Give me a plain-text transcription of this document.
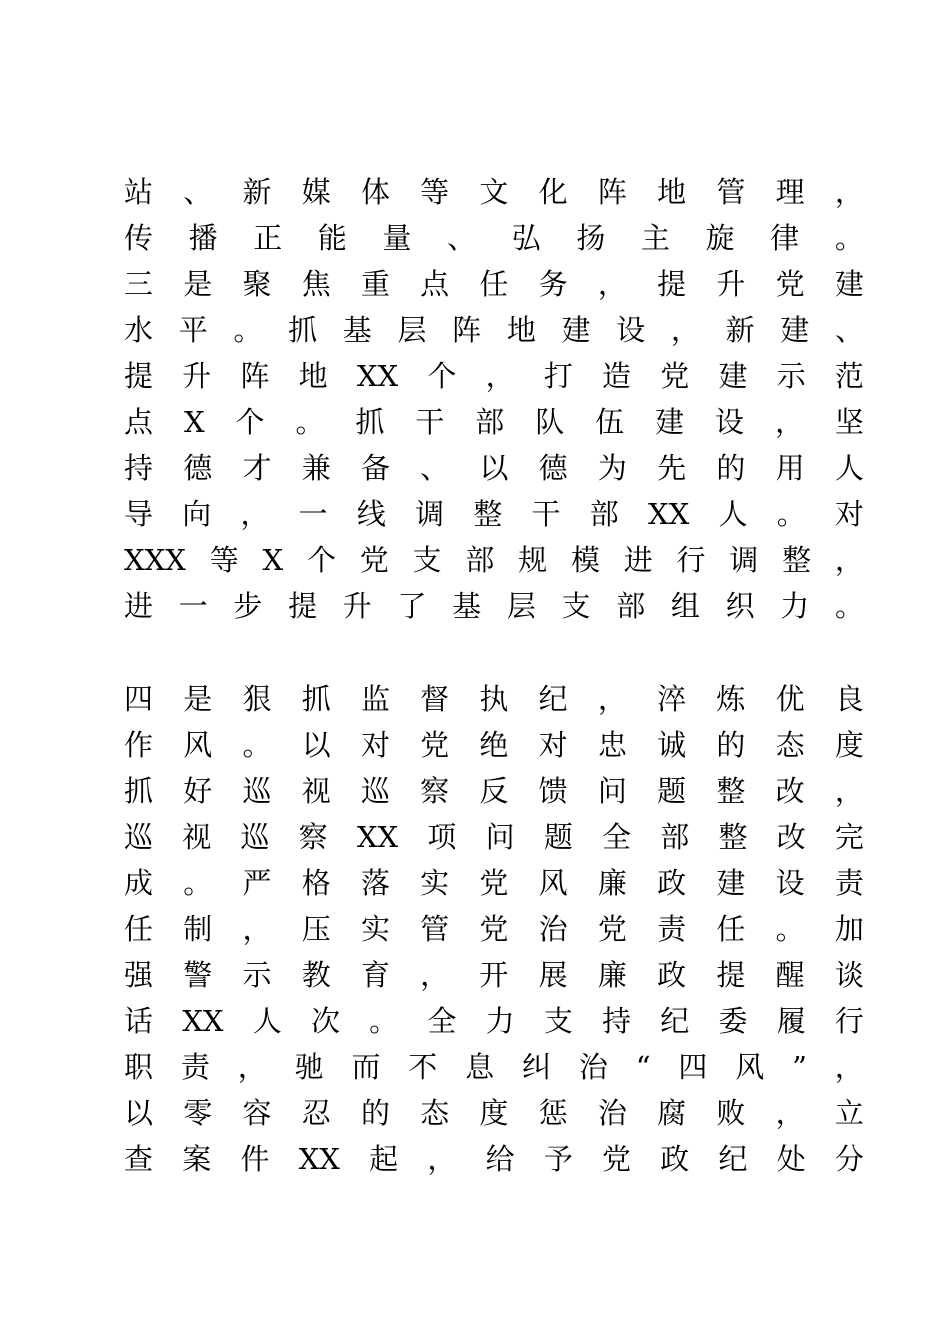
站 、 新 媒 体 等 文 化 阵 地 管 理 ，
传 播 正 能 量 、 弘 扬 主 旋 律 。
三 是 聚 焦 重 点 任 务 ， 提 升 党 建
水 平 。 抓 基 层 阵 地 建 设 ， 新 建 、
提 升 阵 地 XX 个 ， 打 造 党 建 示 范
点 X 个 。 抓 干 部 队 伍 建 设 ， 坚
持 德 才 兼 备 、 以 德 为 先 的 用 人
导 向 ， 一 线 调 整 干 部 XX 人 。 对
XXX 等 X 个 党 支 部 规 模 进 行 调 整 ，
进 一 步 提 升 了 基 层 支 部 组 织 力 。
四 是 狠 抓 监 督 执 纪 ， 淬 炼 优 良
作 风 。 以 对 党 绝 对 忠 诚 的 态 度
抓 好 巡 视 巡 察 反 馈 问 题 整 改 ，
巡 视 巡 察 XX 项 问 题 全 部 整 改 完
成 。 严 格 落 实 党 风 廉 政 建 设 责
任 制 ， 压 实 管 党 治 党 责 任 。 加
强 警 示 教 育 ， 开 展 廉 政 提 醒 谈
话 XX 人 次 。 全 力 支 持 纪 委 履 行
职 责 ， 驰 而 不 息 纠 治 “ 四 风 ” ，
以 零 容 忍 的 态 度 惩 治 腐 败 ， 立
查 案 件 XX 起 ， 给 予 党 政 纪 处 分
